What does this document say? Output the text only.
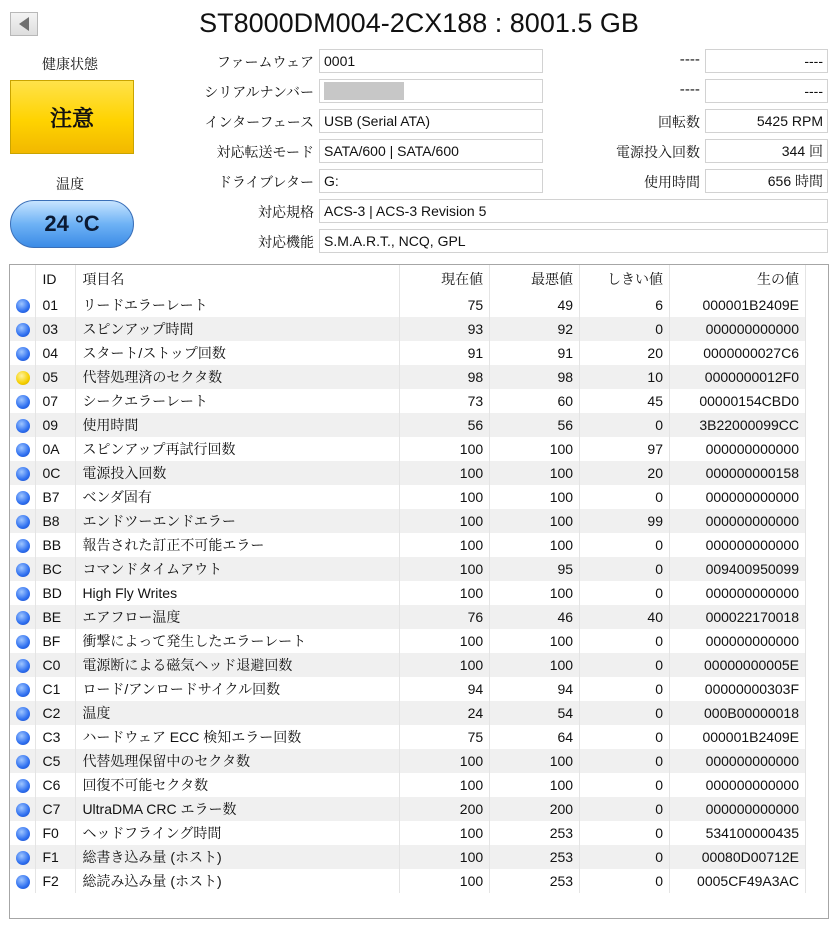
ST8000DM004-2CX188 : 8001.5 GB
健康状態
注意
温度
24 °C
ファームウェア 0001
シリアルナンバー
インターフェース USB (Serial ATA)
対応転送モード SATA/600 | SATA/600
ドライブレター G:
----	----
----	----
回転数	5425 RPM
電源投入回数	344 回
使用時間	656 時間
対応規格 ACS-3 | ACS-3 Revision 5
対応機能 S.M.A.R.T., NCQ, GPL
	ID	項目名	現在値	最悪値	しきい値	生の値
	01	リードエラーレート	75	49	6	000001B2409E
	03	スピンアップ時間	93	92	0	000000000000
	04	スタート/ストップ回数	91	91	20	0000000027C6
	05	代替処理済のセクタ数	98	98	10	0000000012F0
	07	シークエラーレート	73	60	45	00000154CBD0
	09	使用時間	56	56	0	3B22000099CC
	0A	スピンアップ再試行回数	100	100	97	000000000000
	0C	電源投入回数	100	100	20	000000000158
	B7	ベンダ固有	100	100	0	000000000000
	B8	エンドツーエンドエラー	100	100	99	000000000000
	BB	報告された訂正不可能エラー	100	100	0	000000000000
	BC	コマンドタイムアウト	100	95	0	009400950099
	BD	High Fly Writes	100	100	0	000000000000
	BE	エアフロー温度	76	46	40	000022170018
	BF	衝撃によって発生したエラーレート	100	100	0	000000000000
	C0	電源断による磁気ヘッド退避回数	100	100	0	00000000005E
	C1	ロード/アンロードサイクル回数	94	94	0	00000000303F
	C2	温度	24	54	0	000B00000018
	C3	ハードウェア ECC 検知エラー回数	75	64	0	000001B2409E
	C5	代替処理保留中のセクタ数	100	100	0	000000000000
	C6	回復不可能セクタ数	100	100	0	000000000000
	C7	UltraDMA CRC エラー数	200	200	0	000000000000
	F0	ヘッドフライング時間	100	253	0	534100000435
	F1	総書き込み量 (ホスト)	100	253	0	00080D00712E
	F2	総読み込み量 (ホスト)	100	253	0	0005CF49A3AC
